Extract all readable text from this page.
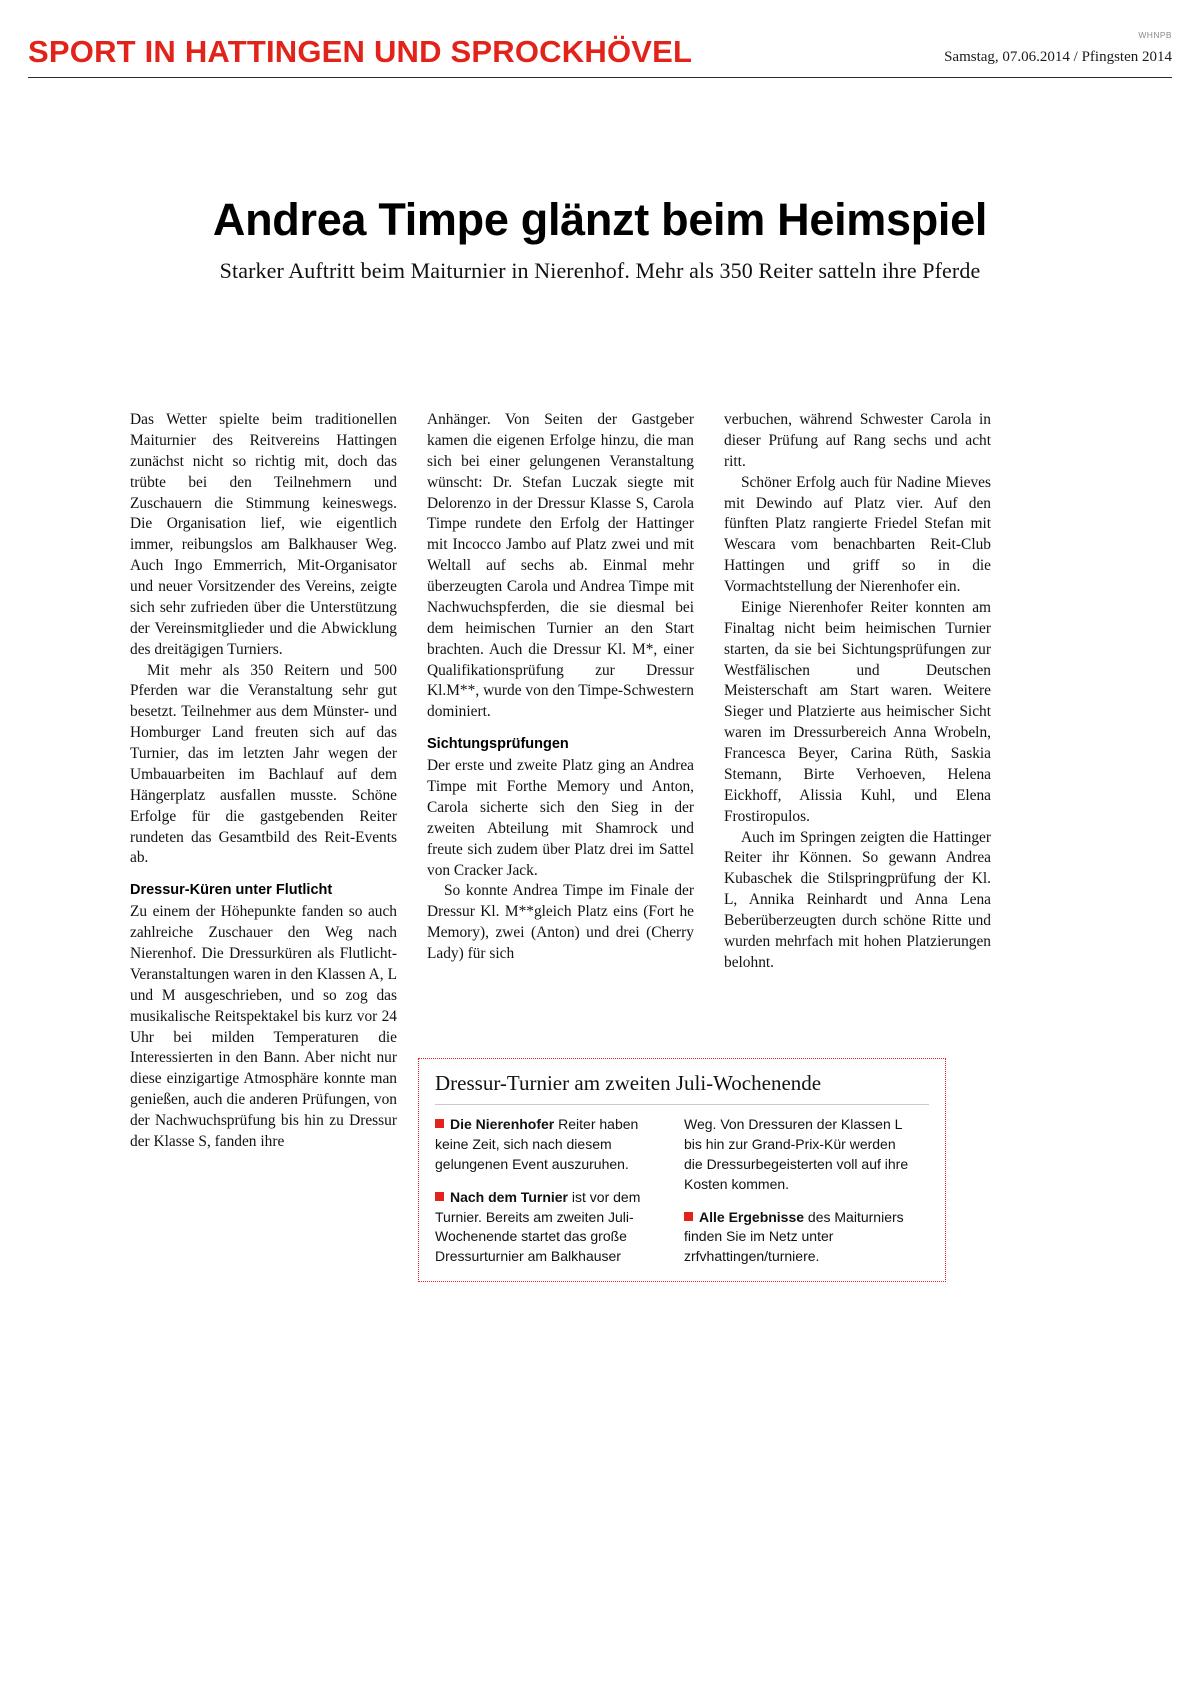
SPORT IN HATTINGEN UND SPROCKHÖVEL	WHNPB
Samstag, 07.06.2014 / Pfingsten 2014
Andrea Timpe glänzt beim Heimspiel
Starker Auftritt beim Maiturnier in Nierenhof. Mehr als 350 Reiter satteln ihre Pferde

Das Wetter spielte beim traditionellen Maiturnier des Reitvereins Hattingen zunächst nicht so richtig mit, doch das trübte bei den Teilnehmern und Zuschauern die Stimmung keineswegs. Die Organisation lief, wie eigentlich immer, reibungslos am Balkhauser Weg. Auch Ingo Emmerrich, Mit-Organisator und neuer Vorsitzender des Vereins, zeigte sich sehr zufrieden über die Unterstützung der Vereinsmitglieder und die Abwicklung des dreitägigen Turniers.

Mit mehr als 350 Reitern und 500 Pferden war die Veranstaltung sehr gut besetzt. Teilnehmer aus dem Münster- und Homburger Land freuten sich auf das Turnier, das im letzten Jahr wegen der Umbauarbeiten im Bachlauf auf dem Hängerplatz ausfallen musste. Schöne Erfolge für die gastgebenden Reiter rundeten das Gesamtbild des Reit-Events ab.

Dressur-Küren unter Flutlicht

Zu einem der Höhepunkte fanden so auch zahlreiche Zuschauer den Weg nach Nierenhof. Die Dressurküren als Flutlicht-Veranstaltungen waren in den Klassen A, L und M ausgeschrieben, und so zog das musikalische Reitspektakel bis kurz vor 24 Uhr bei milden Temperaturen die Interessierten in den Bann. Aber nicht nur diese einzigartige Atmosphäre konnte man genießen, auch die anderen Prüfungen, von der Nachwuchsprüfung bis hin zu Dressur der Klasse S, fanden ihre

Anhänger. Von Seiten der Gastgeber kamen die eigenen Erfolge hinzu, die man sich bei einer gelungenen Veranstaltung wünscht: Dr. Stefan Luczak siegte mit Delorenzo in der Dressur Klasse S, Carola Timpe rundete den Erfolg der Hattinger mit Incocco Jambo auf Platz zwei und mit Weltall auf sechs ab. Einmal mehr überzeugten Carola und Andrea Timpe mit Nachwuchspferden, die sie diesmal bei dem heimischen Turnier an den Start brachten. Auch die Dressur Kl. M*, einer Qualifikationsprüfung zur Dressur Kl.M**, wurde von den Timpe-Schwestern dominiert.

Sichtungsprüfungen

Der erste und zweite Platz ging an Andrea Timpe mit Forthe Memory und Anton, Carola sicherte sich den Sieg in der zweiten Abteilung mit Shamrock und freute sich zudem über Platz drei im Sattel von Cracker Jack.

So konnte Andrea Timpe im Finale der Dressur Kl. M**gleich Platz eins (Fort he Memory), zwei (Anton) und drei (Cherry Lady) für sich

verbuchen, während Schwester Carola in dieser Prüfung auf Rang sechs und acht ritt.

Schöner Erfolg auch für Nadine Mieves mit Dewindo auf Platz vier. Auf den fünften Platz rangierte Friedel Stefan mit Wescara vom benachbarten Reit-Club Hattingen und griff so in die Vormachtstellung der Nierenhofer ein.

Einige Nierenhofer Reiter konnten am Finaltag nicht beim heimischen Turnier starten, da sie bei Sichtungsprüfungen zur Westfälischen und Deutschen Meisterschaft am Start waren. Weitere Sieger und Platzierte aus heimischer Sicht waren im Dressurbereich Anna Wrobeln, Francesca Beyer, Carina Rüth, Saskia Stemann, Birte Verhoeven, Helena Eickhoff, Alissia Kuhl, und Elena Frostiropulos.

Auch im Springen zeigten die Hattinger Reiter ihr Können. So gewann Andrea Kubaschek die Stilspringprüfung der Kl. L, Annika Reinhardt und Anna Lena Beberüberzeugten durch schöne Ritte und wurden mehrfach mit hohen Platzierungen belohnt.

Dressur-Turnier am zweiten Juli-Wochenende
Die Nierenhofer Reiter haben keine Zeit, sich nach diesem gelungenen Event auszuruhen.
Nach dem Turnier ist vor dem Turnier. Bereits am zweiten Juli-Wochenende startet das große Dressurturnier am Balkhauser
Weg. Von Dressuren der Klassen L bis hin zur Grand-Prix-Kür werden die Dressurbegeisterten voll auf ihre Kosten kommen.
Alle Ergebnisse des Maiturniers finden Sie im Netz unter zrfvhattingen/turniere.
